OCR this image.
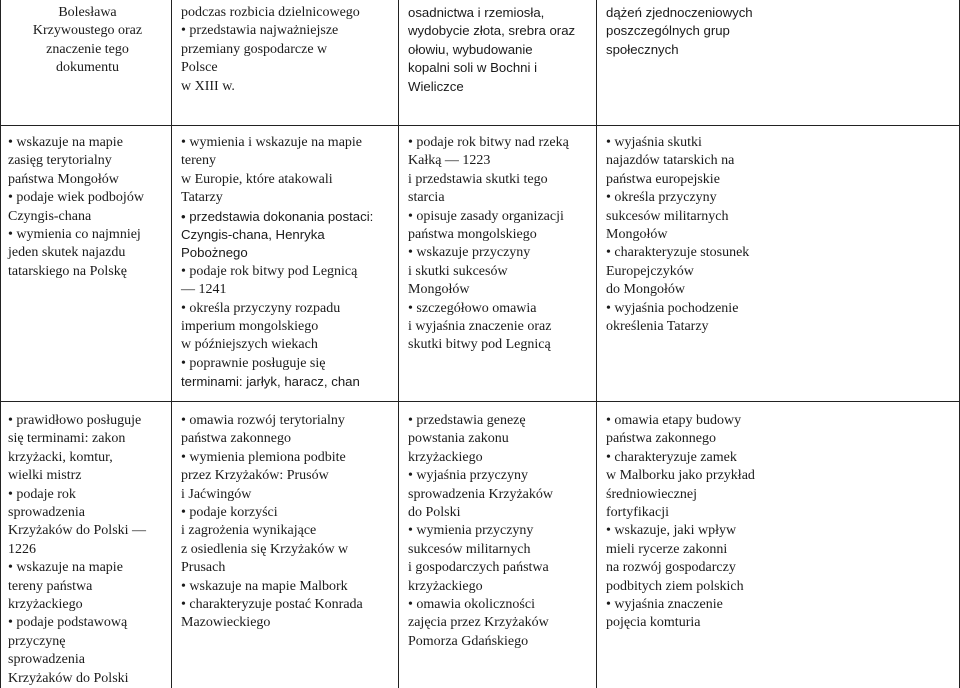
Bolesława
Krzywoustego oraz
znaczenie tego
dokumentu
podczas rozbicia dzielnicowego
• przedstawia najważniejsze
przemiany gospodarcze w
Polsce
w XIII w.
osadnictwa i rzemiosła,
wydobycie złota, srebra oraz
ołowiu, wybudowanie
kopalni soli w Bochni i
Wieliczce
dążeń zjednoczeniowych
poszczególnych grup
społecznych
• wskazuje na mapie
zasięg terytorialny
państwa Mongołów
• podaje wiek podbojów
Czyngis-chana
• wymienia co najmniej
jeden skutek najazdu
tatarskiego na Polskę
• wymienia i wskazuje na mapie
tereny
w Europie, które atakowali
Tatarzy
• przedstawia dokonania postaci:
Czyngis-chana, Henryka
Pobożnego
• podaje rok bitwy pod Legnicą
— 1241
• określa przyczyny rozpadu
imperium mongolskiego
w późniejszych wiekach
• poprawnie posługuje się
terminami: jarłyk, haracz, chan
• podaje rok bitwy nad rzeką
Kałką — 1223
i przedstawia skutki tego
starcia
• opisuje zasady organizacji
państwa mongolskiego
• wskazuje przyczyny
i skutki sukcesów
Mongołów
• szczegółowo omawia
i wyjaśnia znaczenie oraz
skutki bitwy pod Legnicą
• wyjaśnia skutki
najazdów tatarskich na
państwa europejskie
• określa przyczyny
sukcesów militarnych
Mongołów
• charakteryzuje stosunek
Europejczyków
do Mongołów
• wyjaśnia pochodzenie
określenia Tatarzy
• prawidłowo posługuje
się terminami: zakon
krzyżacki, komtur,
wielki mistrz
• podaje rok
sprowadzenia
Krzyżaków do Polski —
1226
• wskazuje na mapie
tereny państwa
krzyżackiego
• podaje podstawową
przyczynę
sprowadzenia
Krzyżaków do Polski
• omawia rozwój terytorialny
państwa zakonnego
• wymienia plemiona podbite
przez Krzyżaków: Prusów
i Jaćwingów
• podaje korzyści
i zagrożenia wynikające
z osiedlenia się Krzyżaków w
Prusach
• wskazuje na mapie Malbork
• charakteryzuje postać Konrada
Mazowieckiego
• przedstawia genezę
powstania zakonu
krzyżackiego
• wyjaśnia przyczyny
sprowadzenia Krzyżaków
do Polski
• wymienia przyczyny
sukcesów militarnych
i gospodarczych państwa
krzyżackiego
• omawia okoliczności
zajęcia przez Krzyżaków
Pomorza Gdańskiego
• omawia etapy budowy
państwa zakonnego
• charakteryzuje zamek
w Malborku jako przykład
średniowiecznej
fortyfikacji
• wskazuje, jaki wpływ
mieli rycerze zakonni
na rozwój gospodarczy
podbitych ziem polskich
• wyjaśnia znaczenie
pojęcia komturia
